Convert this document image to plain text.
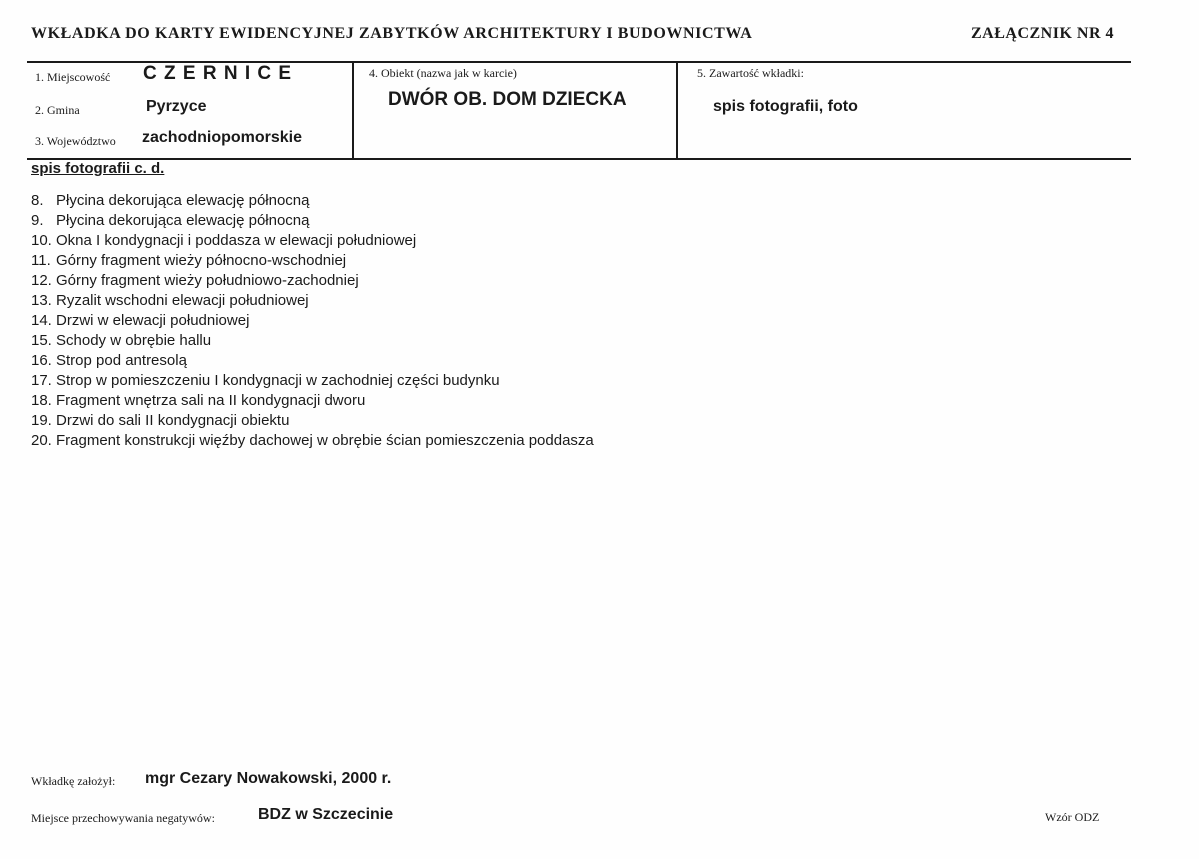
WKŁADKA DO KARTY EWIDENCYJNEJ ZABYTKÓW ARCHITEKTURY I BUDOWNICTWA	ZAŁĄCZNIK NR 4
1. Miejscowość C Z E R N I C E
2. Gmina	Pyrzyce
3. Województwo zachodniopomorskie
4. Obiekt (nazwa jak w karcie)
DWÓR OB. DOM DZIECKA
5. Zawartość wkładki:
spis fotografii, foto
spis fotografii c. d.
8. Płycina dekorująca elewację północną
9. Płycina dekorująca elewację północną
10. Okna I kondygnacji i poddasza w elewacji południowej
11. Górny fragment wieży północno-wschodniej
12. Górny fragment wieży południowo-zachodniej
13. Ryzalit wschodni elewacji południowej
14. Drzwi w elewacji południowej
15. Schody w obrębie hallu
16. Strop pod antresolą
17. Strop w pomieszczeniu I kondygnacji w zachodniej części budynku
18. Fragment wnętrza sali na II kondygnacji dworu
19. Drzwi do sali II kondygnacji obiektu
20. Fragment konstrukcji więźby dachowej w obrębie ścian pomieszczenia poddasza
Wkładkę założył: mgr Cezary Nowakowski, 2000 r.
Miejsce przechowywania negatywów:	BDZ w Szczecinie	Wzór ODZ
